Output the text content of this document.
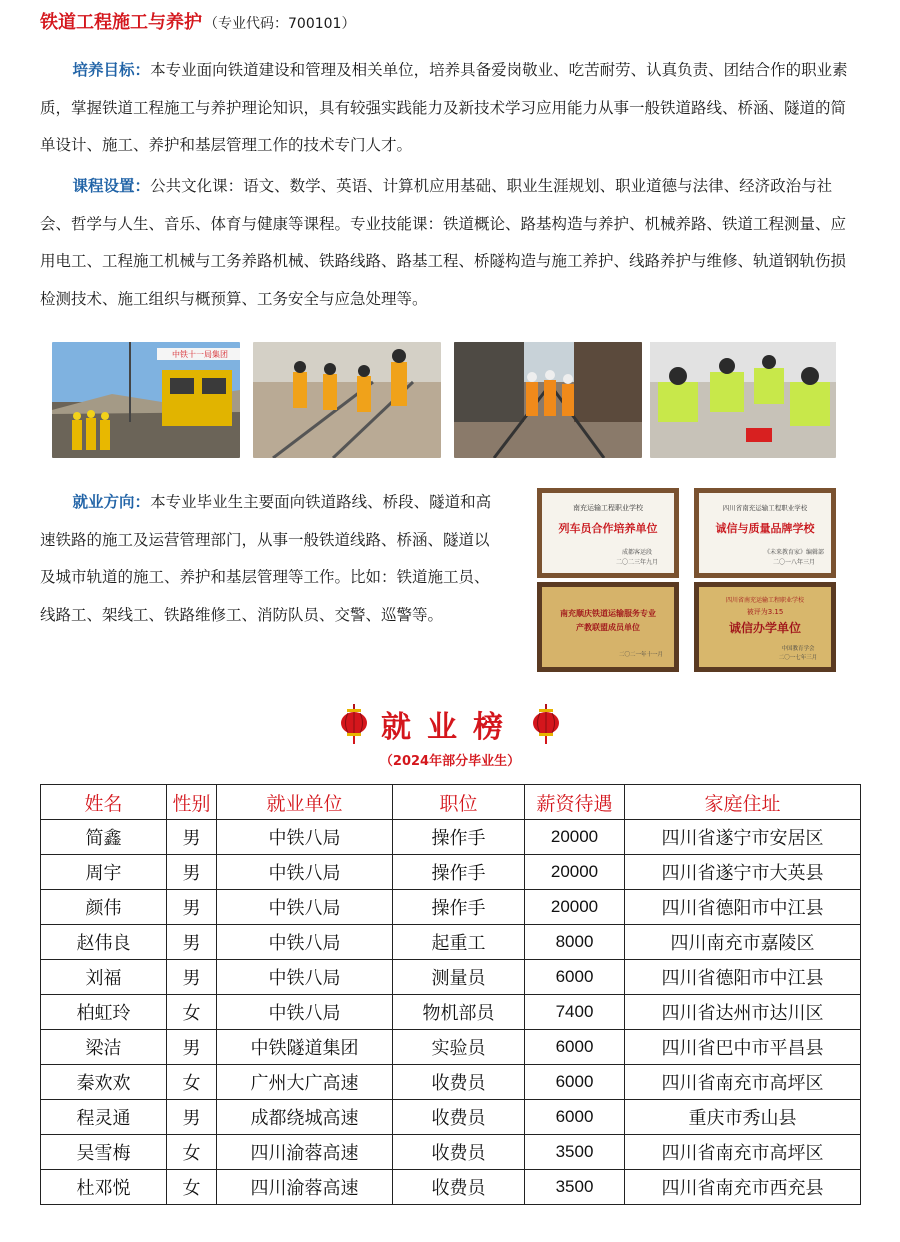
铁道工程施工与养护 （专业代码：700101）

培养目标：本专业面向铁道建设和管理及相关单位，培养具备爱岗敬业、吃苦耐劳、认真负责、团结合作的职业素质，掌握铁道工程施工与养护理论知识，具有较强实践能力及新技术学习应用能力从事一般铁道路线、桥涵、隧道的简单设计、施工、养护和基层管理工作的技术专门人才。

课程设置：公共文化课：语文、数学、英语、计算机应用基础、职业生涯规划、职业道德与法律、经济政治与社会、哲学与人生、音乐、体育与健康等课程。专业技能课：铁道概论、路基构造与养护、机械养路、铁道工程测量、应用电工、工程施工机械与工务养路机械、铁路线路、路基工程、桥隧构造与施工养护、线路养护与维修、轨道钢轨伤损检测技术、施工组织与概预算、工务安全与应急处理等。

中铁十一局集团

就业方向：本专业毕业生主要面向铁道路线、桥段、隧道和高速铁路的施工及运营管理部门，从事一般铁道线路、桥涵、隧道以及城市轨道的施工、养护和基层管理等工作。比如：铁道施工员、线路工、架线工、铁路维修工、消防队员、交警、巡警等。

南充运输工程职业学校
列车员合作培养单位
成都客运段
二〇二三年九月
四川省南充运输工程职业学校
诚信与质量品牌学校
《未来教育家》编辑部
二〇一八年三月
南充顺庆铁道运输服务专业
产教联盟成员单位
二〇二一年十一月
四川省南充运输工程职业学校
被评为3.15
诚信办学单位
中国教育学会
二〇一七年三月
就业榜
（2024年部分毕业生）
姓名	性别	就业单位	职位	薪资待遇	家庭住址
简鑫	男	中铁八局	操作手	20000	四川省遂宁市安居区
周宇	男	中铁八局	操作手	20000	四川省遂宁市大英县
颜伟	男	中铁八局	操作手	20000	四川省德阳市中江县
赵伟良	男	中铁八局	起重工	8000	四川南充市嘉陵区
刘福	男	中铁八局	测量员	6000	四川省德阳市中江县
柏虹玲	女	中铁八局	物机部员	7400	四川省达州市达川区
梁洁	男	中铁隧道集团	实验员	6000	四川省巴中市平昌县
秦欢欢	女	广州大广高速	收费员	6000	四川省南充市高坪区
程灵通	男	成都绕城高速	收费员	6000	重庆市秀山县
吴雪梅	女	四川渝蓉高速	收费员	3500	四川省南充市高坪区
杜邓悦	女	四川渝蓉高速	收费员	3500	四川省南充市西充县
